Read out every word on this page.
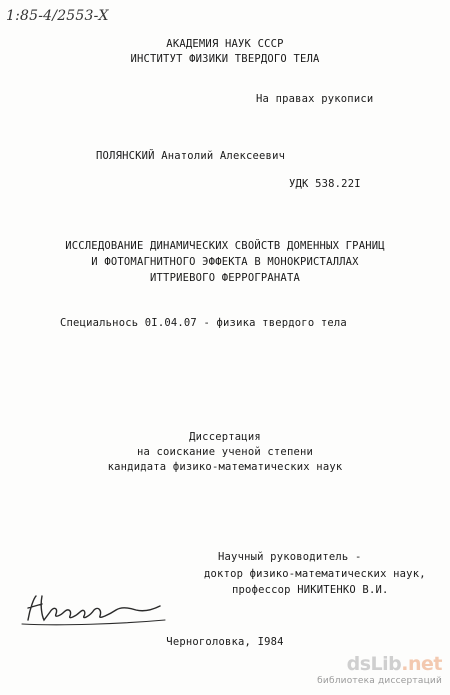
1:85-4/2553-Х
АКАДЕМИЯ НАУК СССР
ИНСТИТУТ ФИЗИКИ ТВЕРДОГО ТЕЛА
На правах рукописи
ПОЛЯНСКИЙ Анатолий Алексеевич
УДК 538.22I
ИССЛЕДОВАНИЕ ДИНАМИЧЕСКИХ СВОЙСТВ ДОМЕННЫХ ГРАНИЦ
И ФОТОМАГНИТНОГО ЭФФЕКТА В МОНОКРИСТАЛЛАХ
ИТТРИЕВОГО ФЕРРОГРАНАТА
Специальнось 0I.04.07 - физика твердого тела
Диссертация
на соискание ученой степени
кандидата физико-математических наук
Научный руководитель -
доктор физико-математических наук,
профессор НИКИТЕНКО В.И.
Черноголовка, I984
dsLib.net
библиотека диссертаций
